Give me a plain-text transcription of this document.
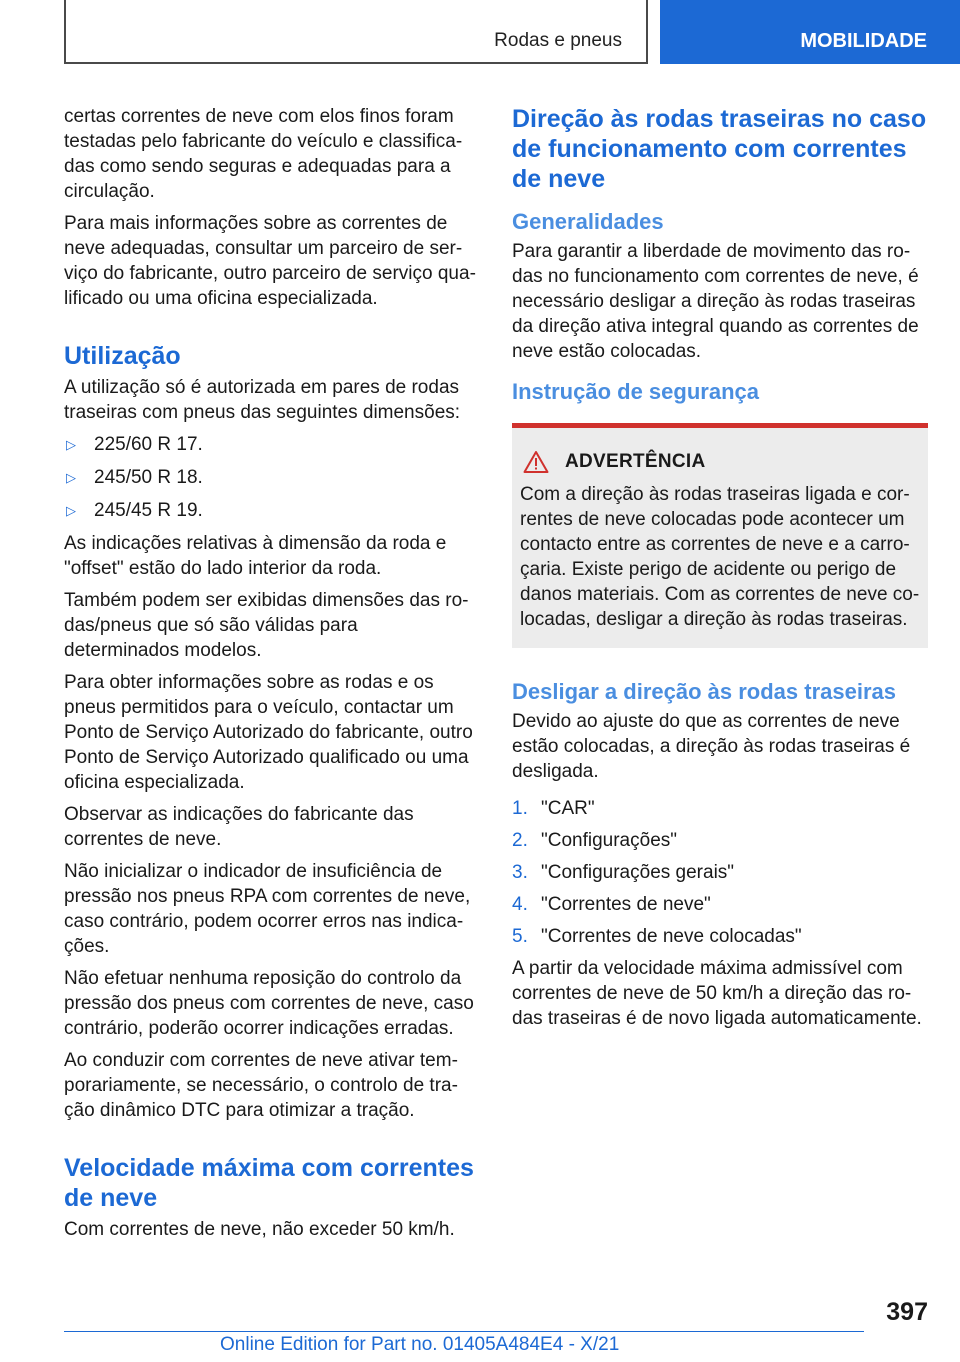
Rodas e pneus	MOBILIDADE

certas correntes de neve com elos finos foram testadas pelo fabricante do veículo e classificadas como sendo seguras e adequadas para a circulação.

Para mais informações sobre as correntes de neve adequadas, consultar um parceiro de serviço do fabricante, outro parceiro de serviço qualificado ou uma oficina especializada.

Utilização

A utilização só é autorizada em pares de rodas traseiras com pneus das seguintes dimensões:

▷ 225/60 R 17.
▷ 245/50 R 18.
▷ 245/45 R 19.

As indicações relativas à dimensão da roda e "offset" estão do lado interior da roda.

Também podem ser exibidas dimensões das rodas/pneus que só são válidas para determinados modelos.

Para obter informações sobre as rodas e os pneus permitidos para o veículo, contactar um Ponto de Serviço Autorizado do fabricante, outro Ponto de Serviço Autorizado qualificado ou uma oficina especializada.

Observar as indicações do fabricante das correntes de neve.

Não inicializar o indicador de insuficiência de pressão nos pneus RPA com correntes de neve, caso contrário, podem ocorrer erros nas indicações.

Não efetuar nenhuma reposição do controlo da pressão dos pneus com correntes de neve, caso contrário, poderão ocorrer indicações erradas.

Ao conduzir com correntes de neve ativar temporariamente, se necessário, o controlo de tração dinâmico DTC para otimizar a tração.

Velocidade máxima com correntes de neve

Com correntes de neve, não exceder 50 km/h.

Direção às rodas traseiras no caso de funcionamento com correntes de neve
Generalidades

Para garantir a liberdade de movimento das rodas no funcionamento com correntes de neve, é necessário desligar a direção às rodas traseiras da direção ativa integral quando as correntes de neve estão colocadas.

Instrução de segurança
ADVERTÊNCIA

Com a direção às rodas traseiras ligada e correntes de neve colocadas pode acontecer um contacto entre as correntes de neve e a carroçaria. Existe perigo de acidente ou perigo de danos materiais. Com as correntes de neve colocadas, desligar a direção às rodas traseiras.

Desligar a direção às rodas traseiras

Devido ao ajuste do que as correntes de neve estão colocadas, a direção às rodas traseiras é desligada.

1. "CAR"
2. "Configurações"
3. "Configurações gerais"
4. "Correntes de neve"
5. "Correntes de neve colocadas"

A partir da velocidade máxima admissível com correntes de neve de 50 km/h a direção das rodas traseiras é de novo ligada automaticamente.

397
Online Edition for Part no. 01405A484E4 - X/21
